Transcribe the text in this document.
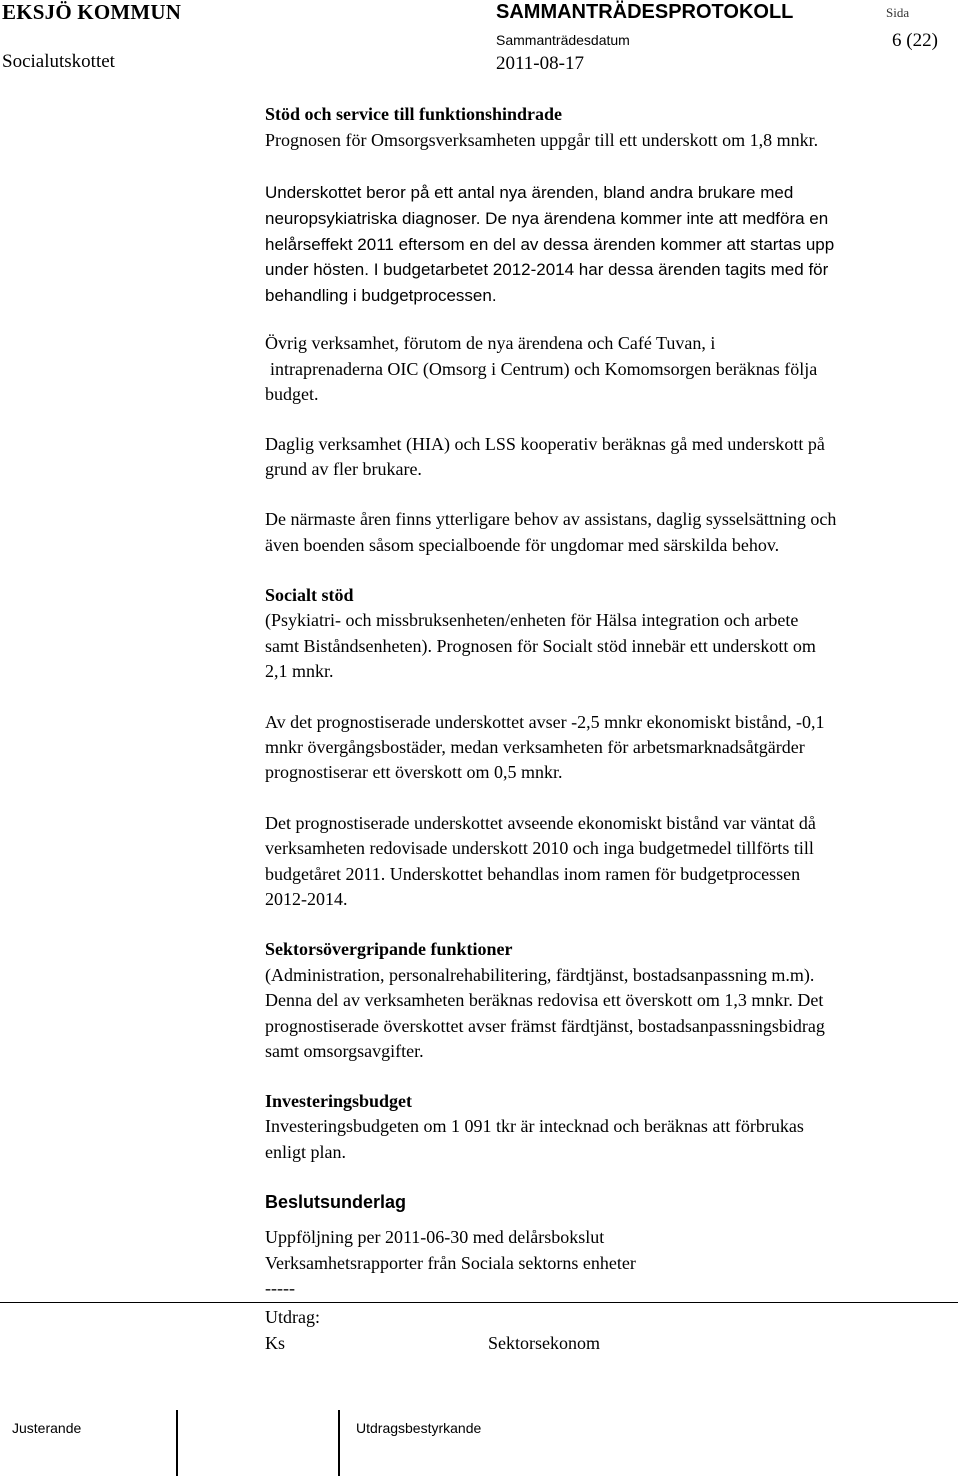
EKSJÖ KOMMUN	SAMMANTRÄDESPROTOKOLL	Sida
Socialutskottet
Sammanträdesdatum
2011-08-17
6 (22)
Stöd och service till funktionshindrade
Prognosen för Omsorgsverksamheten uppgår till ett underskott om 1,8 mnkr.
Underskottet beror på ett antal nya ärenden, bland andra brukare med
neuropsykiatriska diagnoser. De nya ärendena kommer inte att medföra en
helårseffekt 2011 eftersom en del av dessa ärenden kommer att startas upp
under hösten. I budgetarbetet 2012-2014 har dessa ärenden tagits med för
behandling i budgetprocessen.
Övrig verksamhet, förutom de nya ärendena och Café Tuvan, i
intraprenaderna OIC (Omsorg i Centrum) och Komomsorgen beräknas följa
budget.
Daglig verksamhet (HIA) och LSS kooperativ beräknas gå med underskott på
grund av fler brukare.
De närmaste åren finns ytterligare behov av assistans, daglig sysselsättning och
även boenden såsom specialboende för ungdomar med särskilda behov.
Socialt stöd
(Psykiatri- och missbruksenheten/enheten för Hälsa integration och arbete
samt Biståndsenheten). Prognosen för Socialt stöd innebär ett underskott om
2,1 mnkr.
Av det prognostiserade underskottet avser -2,5 mnkr ekonomiskt bistånd, -0,1
mnkr övergångsbostäder, medan verksamheten för arbetsmarknadsåtgärder
prognostiserar ett överskott om 0,5 mnkr.
Det prognostiserade underskottet avseende ekonomiskt bistånd var väntat då
verksamheten redovisade underskott 2010 och inga budgetmedel tillförts till
budgetåret 2011. Underskottet behandlas inom ramen för budgetprocessen
2012-2014.
Sektorsövergripande funktioner
(Administration, personalrehabilitering, färdtjänst, bostadsanpassning m.m).
Denna del av verksamheten beräknas redovisa ett överskott om 1,3 mnkr. Det
prognostiserade överskottet avser främst färdtjänst, bostadsanpassningsbidrag
samt omsorgsavgifter.
Investeringsbudget
Investeringsbudgeten om 1 091 tkr är intecknad och beräknas att förbrukas
enligt plan.
Beslutsunderlag
Uppföljning per 2011-06-30 med delårsbokslut
Verksamhetsrapporter från Sociala sektorns enheter
-----
Utdrag:
Ks	Sektorsekonom
Justerande	Utdragsbestyrkande
